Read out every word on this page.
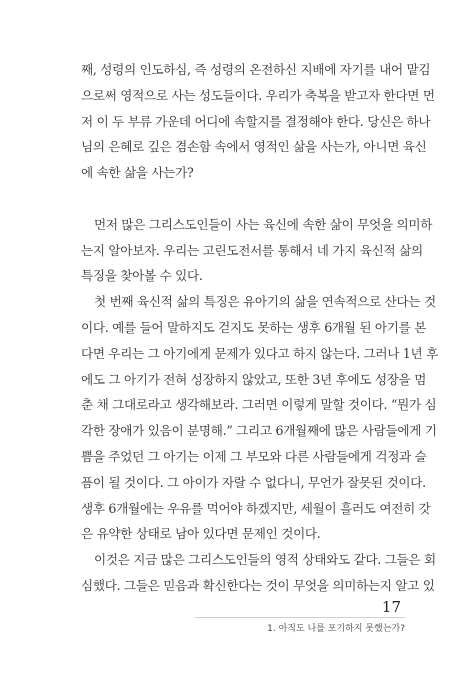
째, 성령의 인도하심, 즉 성령의 온전하신 지배에 자기를 내어 맡김
으로써 영적으로 사는 성도들이다. 우리가 축복을 받고자 한다면 먼
저 이 두 부류 가운데 어디에 속할지를 결정해야 한다. 당신은 하나
님의 은혜로 깊은 겸손함 속에서 영적인 삶을 사는가, 아니면 육신
에 속한 삶을 사는가?
먼저 많은 그리스도인들이 사는 육신에 속한 삶이 무엇을 의미하
는지 알아보자. 우리는 고린도전서를 통해서 네 가지 육신적 삶의
특징을 찾아볼 수 있다.
첫 번째 육신적 삶의 특징은 유아기의 삶을 연속적으로 산다는 것
이다. 예를 들어 말하지도 걷지도 못하는 생후 6개월 된 아기를 본
다면 우리는 그 아기에게 문제가 있다고 하지 않는다. 그러나 1년 후
에도 그 아기가 전혀 성장하지 않았고, 또한 3년 후에도 성장을 멈
춘 채 그대로라고 생각해보라. 그러면 이렇게 말할 것이다. “뭔가 심
각한 장애가 있음이 분명해.” 그리고 6개월째에 많은 사람들에게 기
쁨을 주었던 그 아기는 이제 그 부모와 다른 사람들에게 걱정과 슬
픔이 될 것이다. 그 아이가 자랄 수 없다니, 무언가 잘못된 것이다.
생후 6개월에는 우유를 먹어야 하겠지만, 세월이 흘러도 여전히 갓
은 유약한 상태로 남아 있다면 문제인 것이다.
이것은 지금 많은 그리스도인들의 영적 상태와도 같다. 그들은 회
심했다. 그들은 믿음과 확신한다는 것이 무엇을 의미하는지 알고 있
17
1. 아직도 나를 포기하지 못했는가?
